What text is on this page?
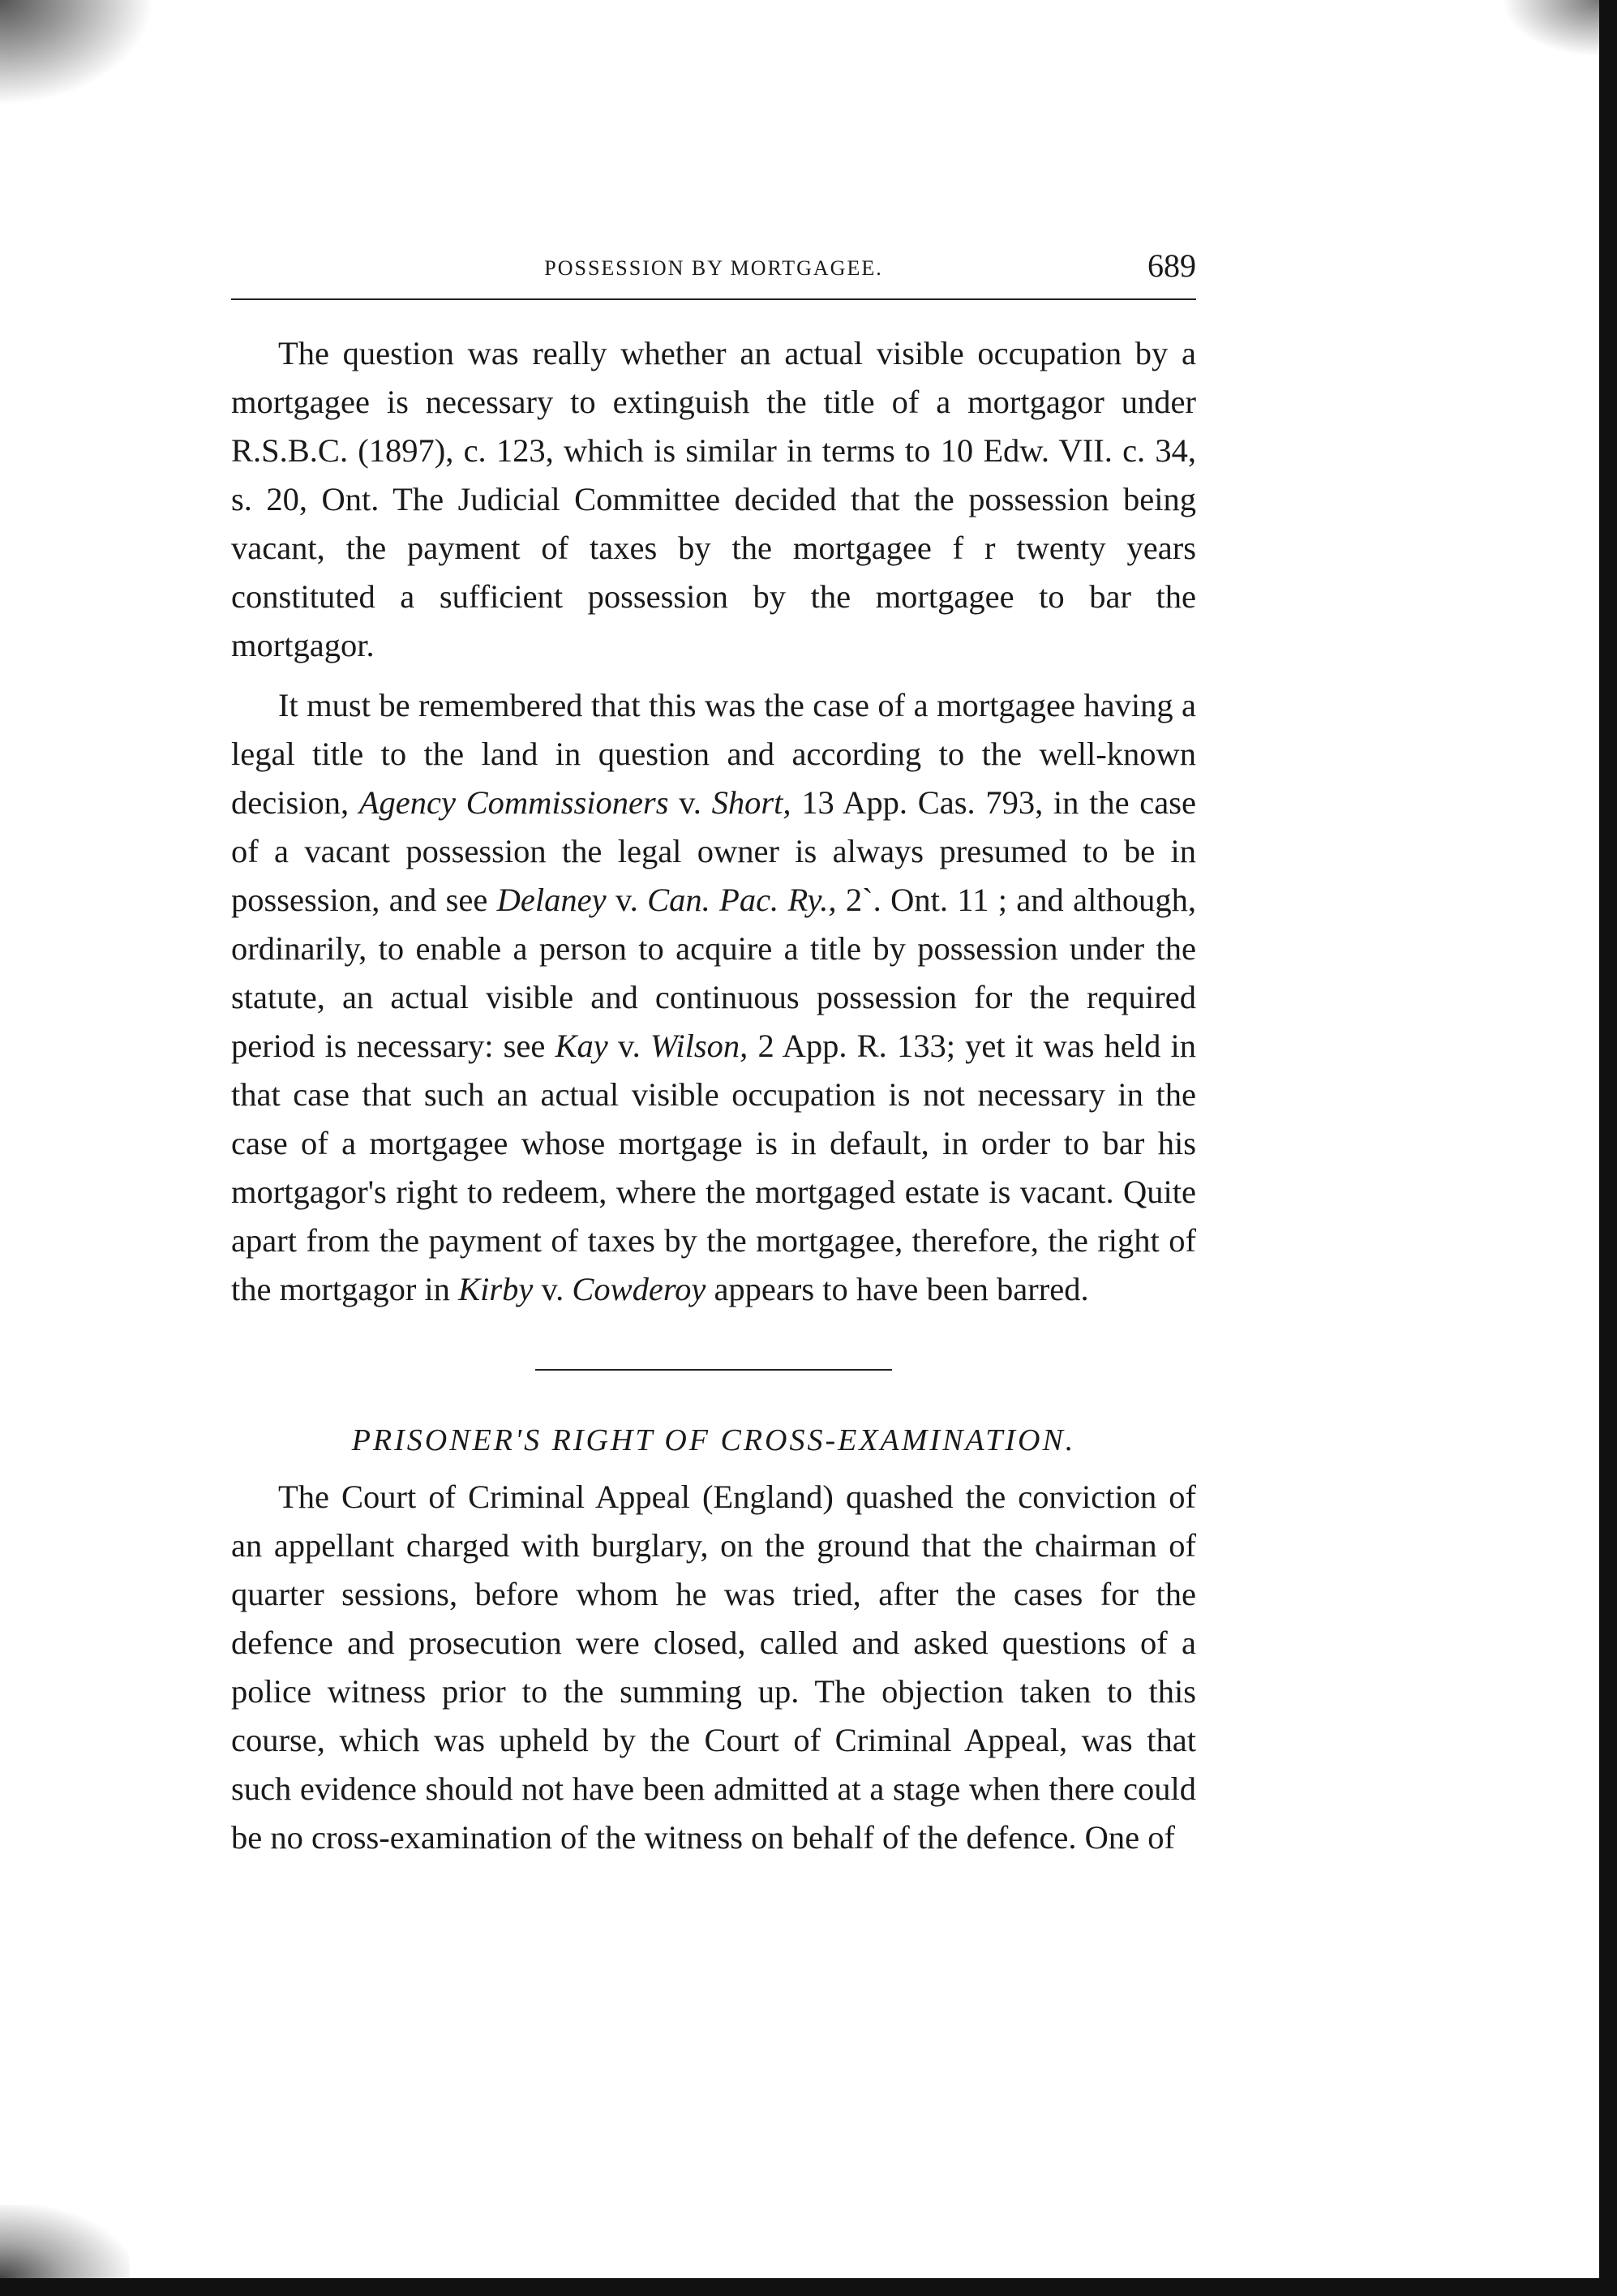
POSSESSION BY MORTGAGEE.	689

The question was really whether an actual visible occupation by a mortgagee is necessary to extinguish the title of a mortgagor under R.S.B.C. (1897), c. 123, which is similar in terms to 10 Edw. VII. c. 34, s. 20, Ont. The Judicial Committee decided that the possession being vacant, the payment of taxes by the mortgagee f r twenty years constituted a sufficient possession by the mortgagee to bar the mortgagor.

It must be remembered that this was the case of a mortgagee having a legal title to the land in question and according to the well-known decision, Agency Commissioners v. Short, 13 App. Cas. 793, in the case of a vacant possession the legal owner is always presumed to be in possession, and see Delaney v. Can. Pac. Ry., 2`. Ont. 11 ; and although, ordinarily, to enable a person to acquire a title by possession under the statute, an actual visible and continuous possession for the required period is necessary: see Kay v. Wilson, 2 App. R. 133; yet it was held in that case that such an actual visible occupation is not necessary in the case of a mortgagee whose mortgage is in default, in order to bar his mortgagor's right to redeem, where the mortgaged estate is vacant. Quite apart from the payment of taxes by the mortgagee, therefore, the right of the mortgagor in Kirby v. Cowderoy appears to have been barred.

PRISONER'S RIGHT OF CROSS-EXAMINATION.

The Court of Criminal Appeal (England) quashed the conviction of an appellant charged with burglary, on the ground that the chairman of quarter sessions, before whom he was tried, after the cases for the defence and prosecution were closed, called and asked questions of a police witness prior to the summing up. The objection taken to this course, which was upheld by the Court of Criminal Appeal, was that such evidence should not have been admitted at a stage when there could be no cross-examination of the witness on behalf of the defence. One of
